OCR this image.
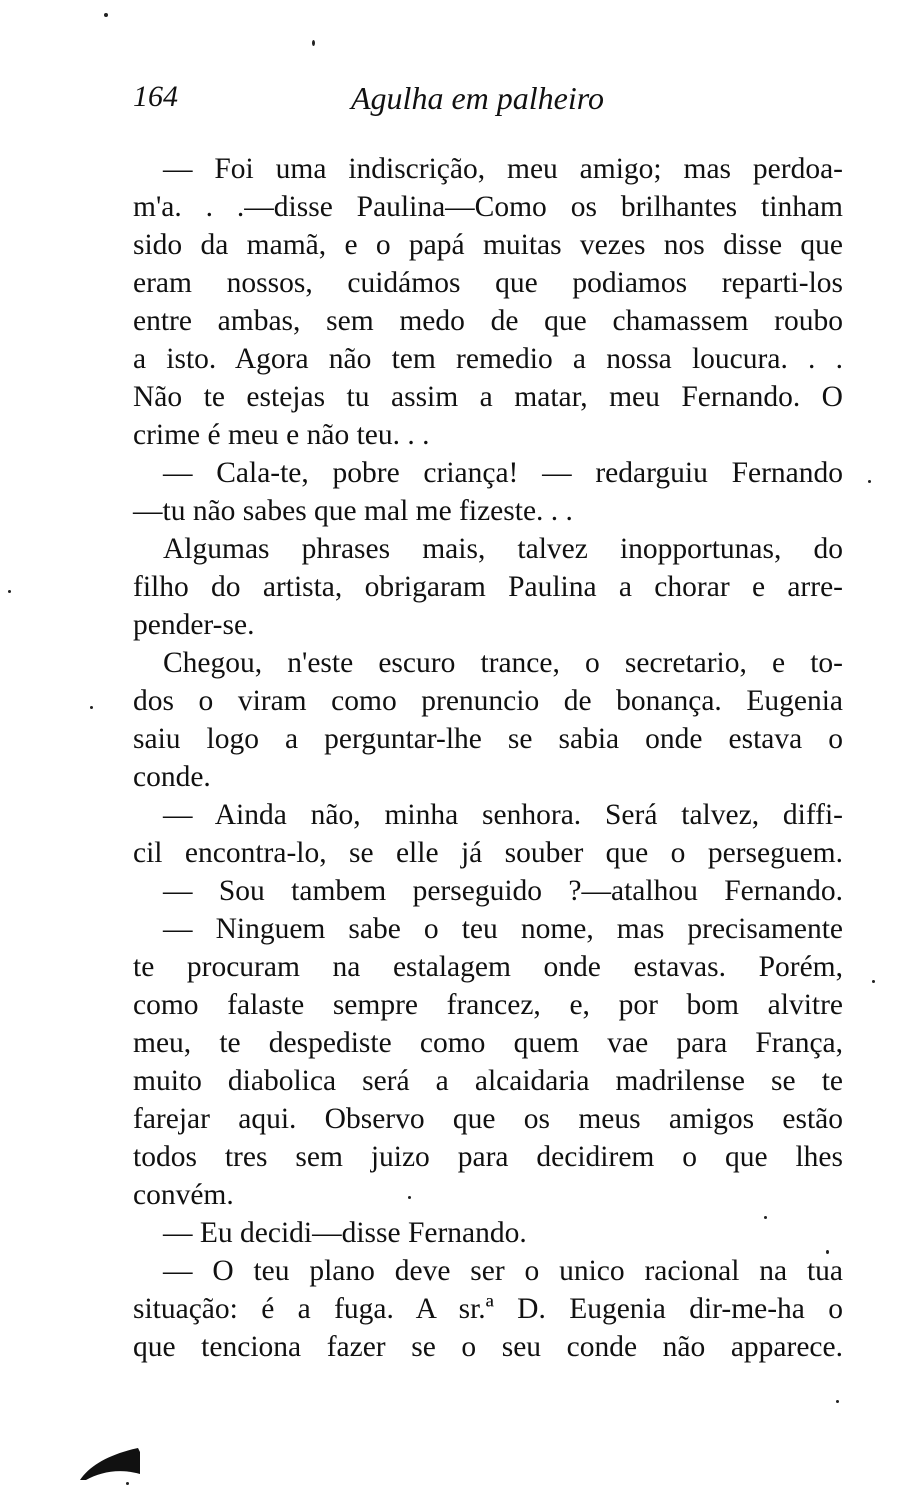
164	Agulha em palheiro
— Foi uma indiscrição, meu amigo; mas perdoa-
m'a. . .—disse Paulina—Como os brilhantes tinham
sido da mamã, e o papá muitas vezes nos disse que
eram nossos, cuidámos que podiamos reparti-los
entre ambas, sem medo de que chamassem roubo
a isto. Agora não tem remedio a nossa loucura. . .
Não te estejas tu assim a matar, meu Fernando. O
crime é meu e não teu. . .
— Cala-te, pobre criança! — redarguiu Fernando
—tu não sabes que mal me fizeste. . .
Algumas phrases mais, talvez inopportunas, do
filho do artista, obrigaram Paulina a chorar e arre-
pender-se.
Chegou, n'este escuro trance, o secretario, e to-
dos o viram como prenuncio de bonança. Eugenia
saiu logo a perguntar-lhe se sabia onde estava o
conde.
— Ainda não, minha senhora. Será talvez, diffi-
cil encontra-lo, se elle já souber que o perseguem.
— Sou tambem perseguido ?—atalhou Fernando.
— Ninguem sabe o teu nome, mas precisamente
te procuram na estalagem onde estavas. Porém,
como falaste sempre francez, e, por bom alvitre
meu, te despediste como quem vae para França,
muito diabolica será a alcaidaria madrilense se te
farejar aqui. Observo que os meus amigos estão
todos tres sem juizo para decidirem o que lhes
convém.
— Eu decidi—disse Fernando.
— O teu plano deve ser o unico racional na tua
situação: é a fuga. A sr.ª D. Eugenia dir-me-ha o
que tenciona fazer se o seu conde não apparece.
